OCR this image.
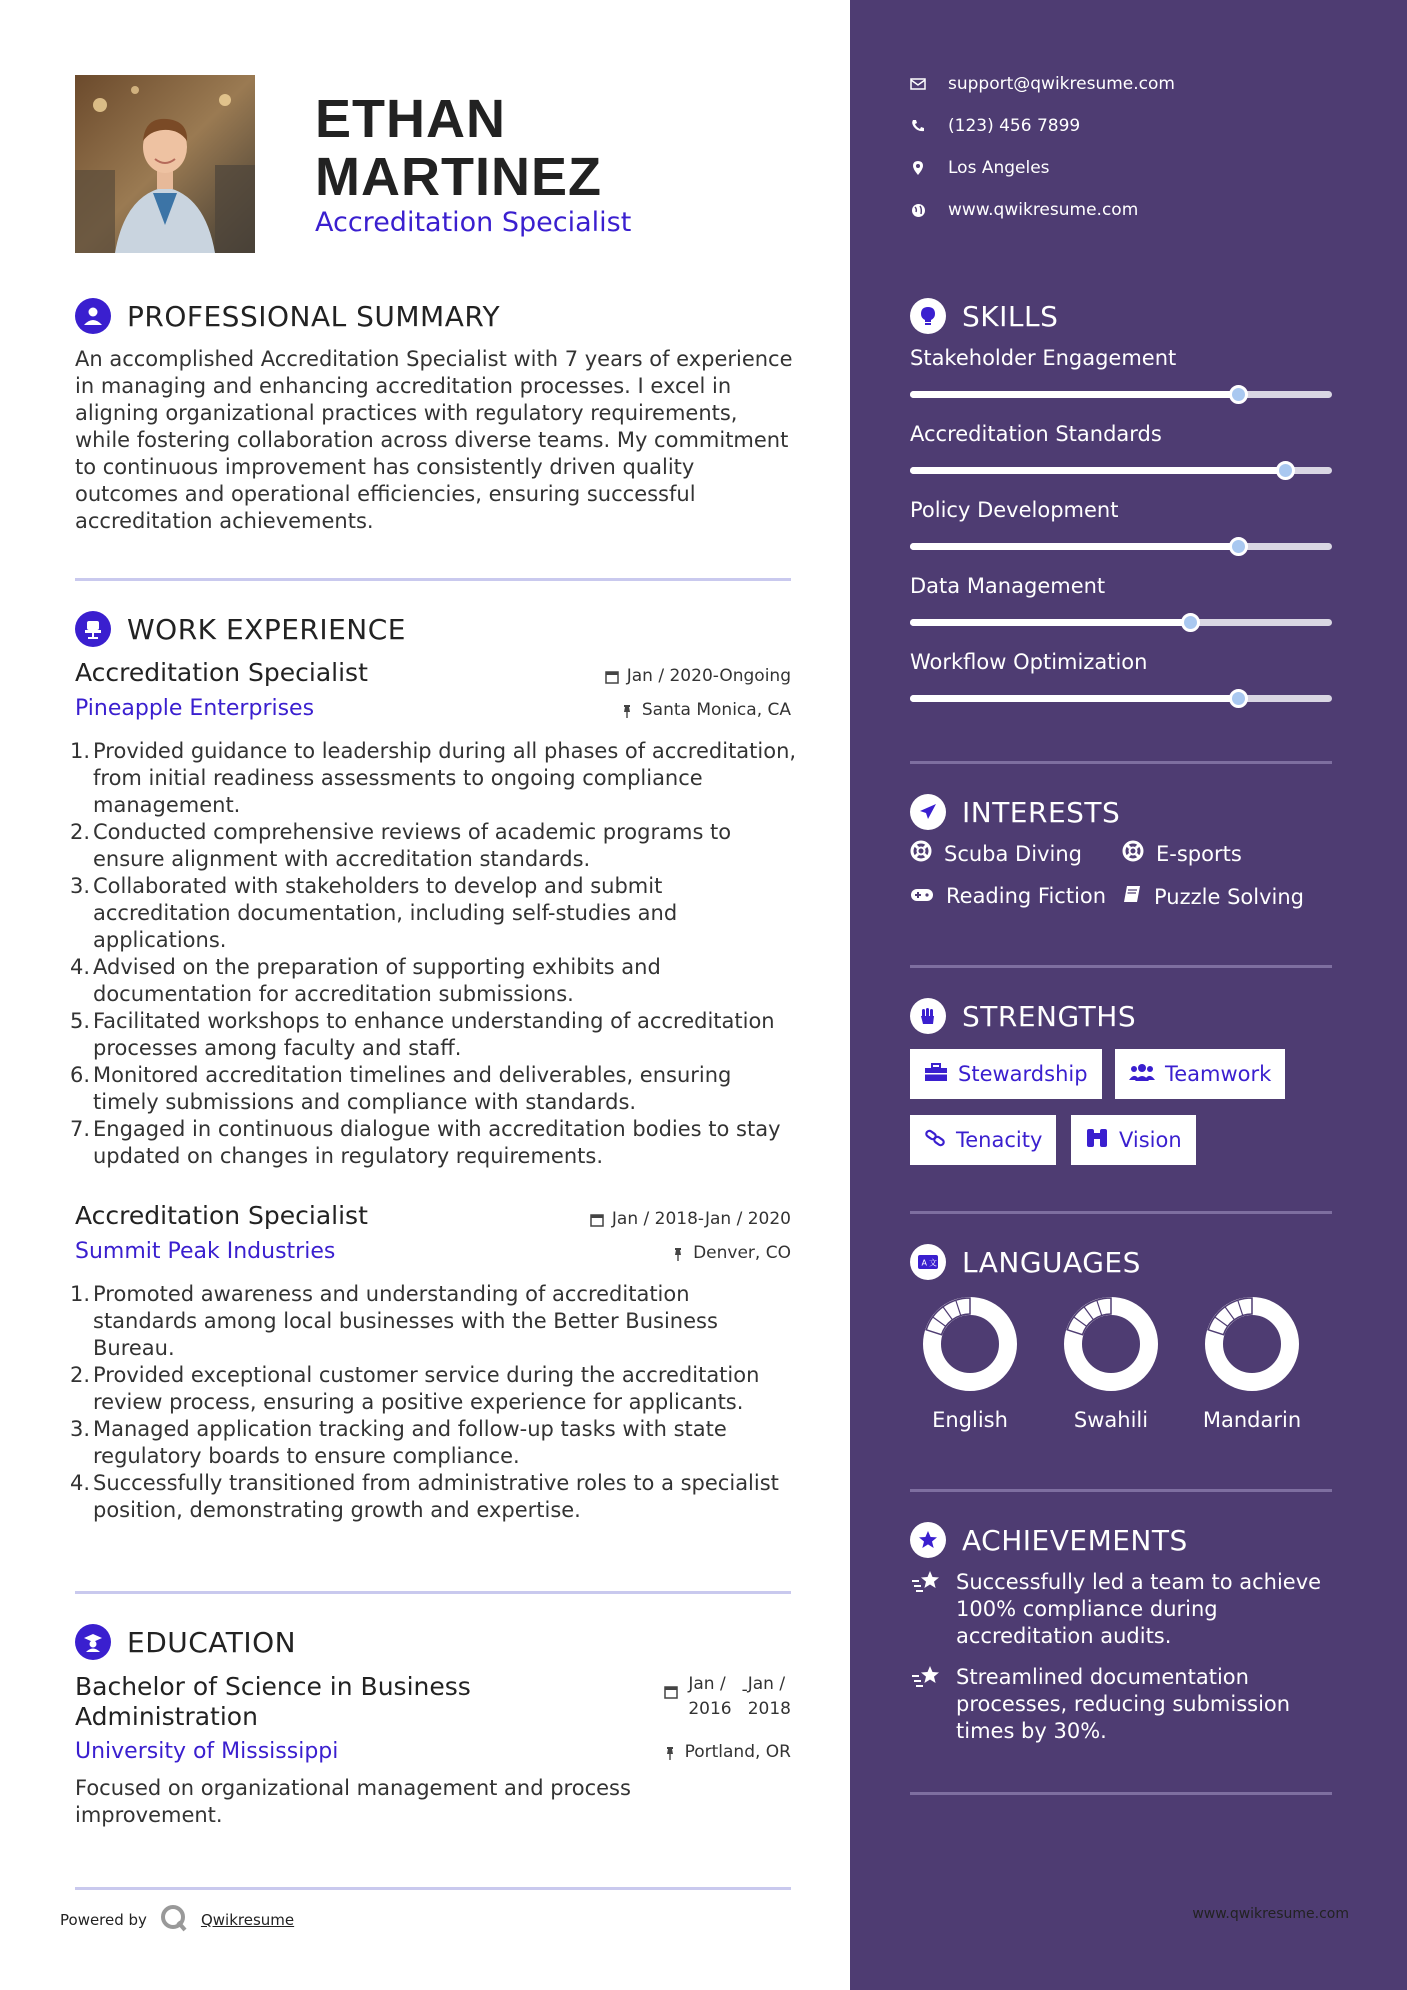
ETHAN
MARTINEZ
Accreditation Specialist
PROFESSIONAL SUMMARY
An accomplished Accreditation Specialist with 7 years of experience in managing and enhancing accreditation processes. I excel in aligning organizational practices with regulatory requirements, while fostering collaboration across diverse teams. My commitment to continuous improvement has consistently driven quality outcomes and operational efficiencies, ensuring successful accreditation achievements.
WORK EXPERIENCE
Accreditation Specialist	Jan / 2020-Ongoing
Pineapple Enterprises	Santa Monica, CA
1. Provided guidance to leadership during all phases of accreditation, from initial readiness assessments to ongoing compliance management.
2. Conducted comprehensive reviews of academic programs to ensure alignment with accreditation standards.
3. Collaborated with stakeholders to develop and submit accreditation documentation, including self-studies and applications.
4. Advised on the preparation of supporting exhibits and documentation for accreditation submissions.
5. Facilitated workshops to enhance understanding of accreditation processes among faculty and staff.
6. Monitored accreditation timelines and deliverables, ensuring timely submissions and compliance with standards.
7. Engaged in continuous dialogue with accreditation bodies to stay updated on changes in regulatory requirements.
Accreditation Specialist	Jan / 2018-Jan / 2020
Summit Peak Industries	Denver, CO
1. Promoted awareness and understanding of accreditation standards among local businesses with the Better Business Bureau.
2. Provided exceptional customer service during the accreditation review process, ensuring a positive experience for applicants.
3. Managed application tracking and follow-up tasks with state regulatory boards to ensure compliance.
4. Successfully transitioned from administrative roles to a specialist position, demonstrating growth and expertise.
EDUCATION
Bachelor of Science in Business
Administration
Jan /
2016
- Jan /
2018
University of Mississippi	Portland, OR
Focused on organizational management and process improvement.
Powered by	Qwikresume
support@qwikresume.com
(123) 456 7899
Los Angeles
www.qwikresume.com
SKILLS
Stakeholder Engagement
Accreditation Standards
Policy Development
Data Management
Workflow Optimization
INTERESTS
Scuba Diving	E-sports
Reading Fiction Puzzle Solving
STRENGTHS
Stewardship	Teamwork
Tenacity	Vision
A 文 LANGUAGES
English	Swahili	Mandarin
ACHIEVEMENTS
Successfully led a team to achieve 100% compliance during accreditation audits.
Streamlined documentation processes, reducing submission times by 30%.
www.qwikresume.com
